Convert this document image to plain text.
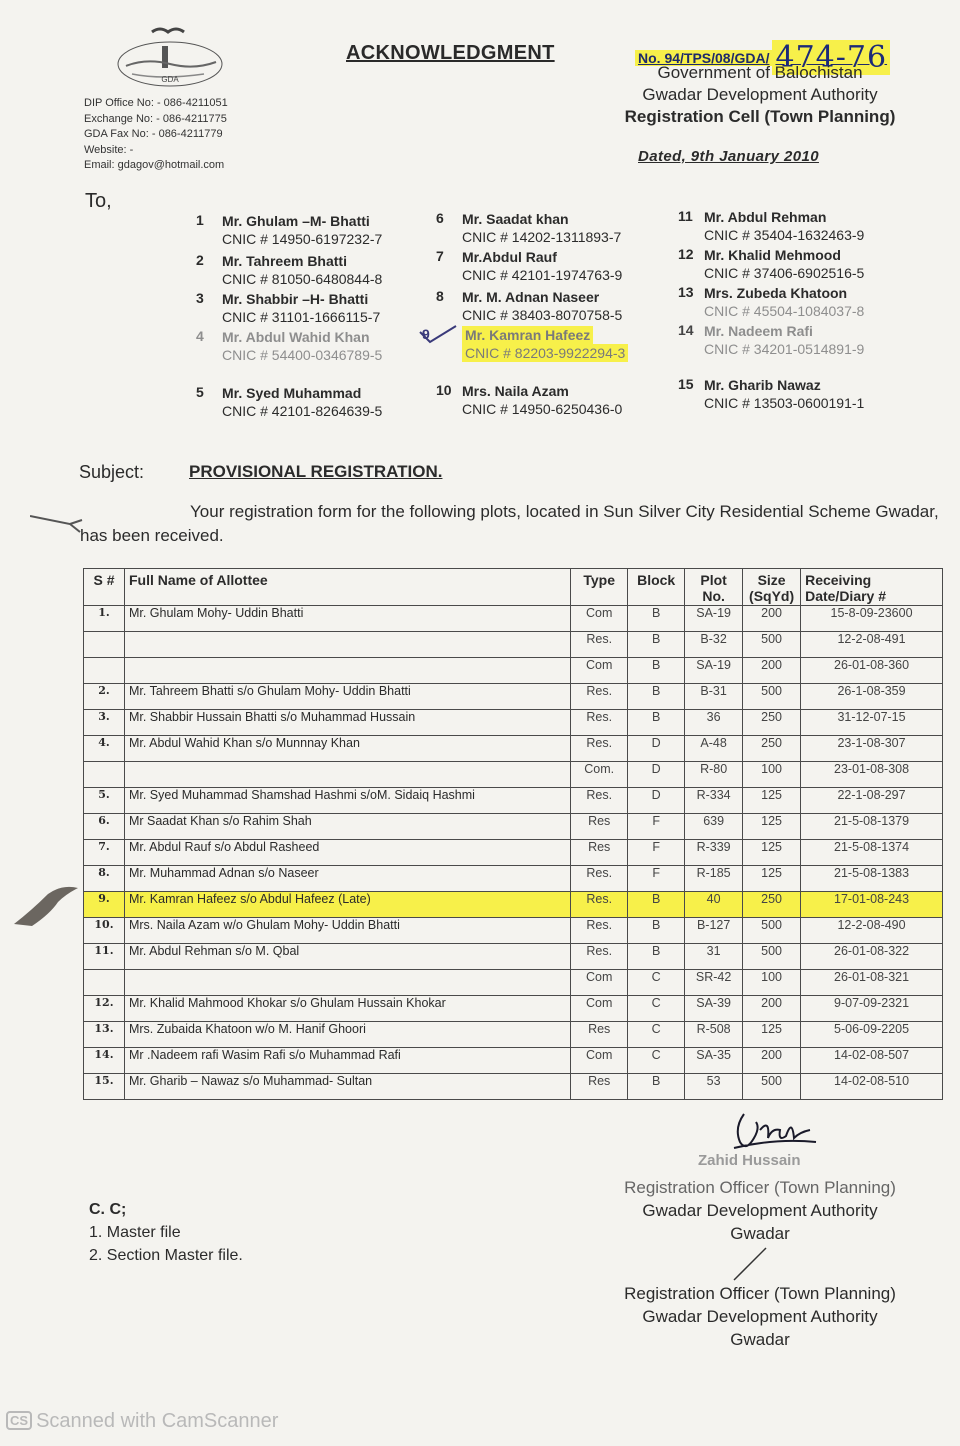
GDA
DIP Office No: - 086-4211051
Exchange No: - 086-4211775
GDA Fax No: - 086-4211779
Website: -
Email: gdagov@hotmail.com
ACKNOWLEDGMENT	No. 94/TPS/08/GDA/ 474-76
Government of Balochistan
Gwadar Development Authority
Registration Cell (Town Planning)
Dated, 9th January 2010
To,
1 Mr. Ghulam –M- Bhatti
CNIC # 14950-6197232-7
2 Mr. Tahreem Bhatti
CNIC # 81050-6480844-8
3 Mr. Shabbir –H- Bhatti
CNIC # 31101-1666115-7
4 Mr. Abdul Wahid Khan
CNIC # 54400-0346789-5
5 Mr. Syed Muhammad
CNIC # 42101-8264639-5
6 Mr. Saadat khan
CNIC # 14202-1311893-7
7 Mr.Abdul Rauf
CNIC # 42101-1974763-9
8 Mr. M. Adnan Naseer
CNIC # 38403-8070758-5
9	Mr. Kamran HafeezCNIC # 82203-9922294-3
10 Mrs. Naila Azam
CNIC # 14950-6250436-0
11 Mr. Abdul Rehman
CNIC # 35404-1632463-9
12 Mr. Khalid Mehmood
CNIC # 37406-6902516-5
13 Mrs. Zubeda Khatoon
CNIC # 45504-1084037-8
14 Mr. Nadeem Rafi
CNIC # 34201-0514891-9
15 Mr. Gharib Nawaz
CNIC # 13503-0600191-1
Subject:	PROVISIONAL REGISTRATION.
Your registration form for the following plots, located in Sun Silver City Residential Scheme Gwadar, has been received.
S #	Full Name of Allottee	Type	Block	Plot No.	Size (SqYd)	Receiving Date/Diary #
1.	Mr. Ghulam Mohy- Uddin Bhatti	Com	B	SA-19	200	15-8-09-23600
		Res.	B	B-32	500	12-2-08-491
		Com	B	SA-19	200	26-01-08-360
2.	Mr. Tahreem Bhatti s/o Ghulam Mohy- Uddin Bhatti	Res.	B	B-31	500	26-1-08-359
3.	Mr. Shabbir Hussain Bhatti s/o Muhammad Hussain	Res.	B	36	250	31-12-07-15
4.	Mr. Abdul Wahid Khan s/o Munnnay Khan	Res.	D	A-48	250	23-1-08-307
		Com.	D	R-80	100	23-01-08-308
5.	Mr. Syed Muhammad Shamshad Hashmi s/oM. Sidaiq Hashmi	Res.	D	R-334	125	22-1-08-297
6.	Mr Saadat Khan s/o Rahim Shah	Res	F	639	125	21-5-08-1379
7.	Mr. Abdul Rauf s/o Abdul Rasheed	Res	F	R-339	125	21-5-08-1374
8.	Mr. Muhammad Adnan s/o Naseer	Res.	F	R-185	125	21-5-08-1383
9.	Mr. Kamran Hafeez s/o Abdul Hafeez (Late)	Res.	B	40	250	17-01-08-243
10.	Mrs. Naila Azam w/o Ghulam Mohy- Uddin Bhatti	Res.	B	B-127	500	12-2-08-490
11.	Mr. Abdul Rehman s/o M. Qbal	Res.	B	31	500	26-01-08-322
		Com	C	SR-42	100	26-01-08-321
12.	Mr. Khalid Mahmood Khokar s/o Ghulam Hussain Khokar	Com	C	SA-39	200	9-07-09-2321
13.	Mrs. Zubaida Khatoon w/o M. Hanif Ghoori	Res	C	R-508	125	5-06-09-2205
14.	Mr .Nadeem rafi Wasim Rafi s/o Muhammad Rafi	Com	C	SA-35	200	14-02-08-507
15.	Mr. Gharib – Nawaz s/o Muhammad- Sultan	Res	B	53	500	14-02-08-510
Zahid Hussain
Registration Officer (Town Planning)
Gwadar Development Authority
Gwadar
C. C;
1. Master file
2. Section Master file.
Registration Officer (Town Planning)
Gwadar Development Authority
Gwadar
CS Scanned with CamScanner
